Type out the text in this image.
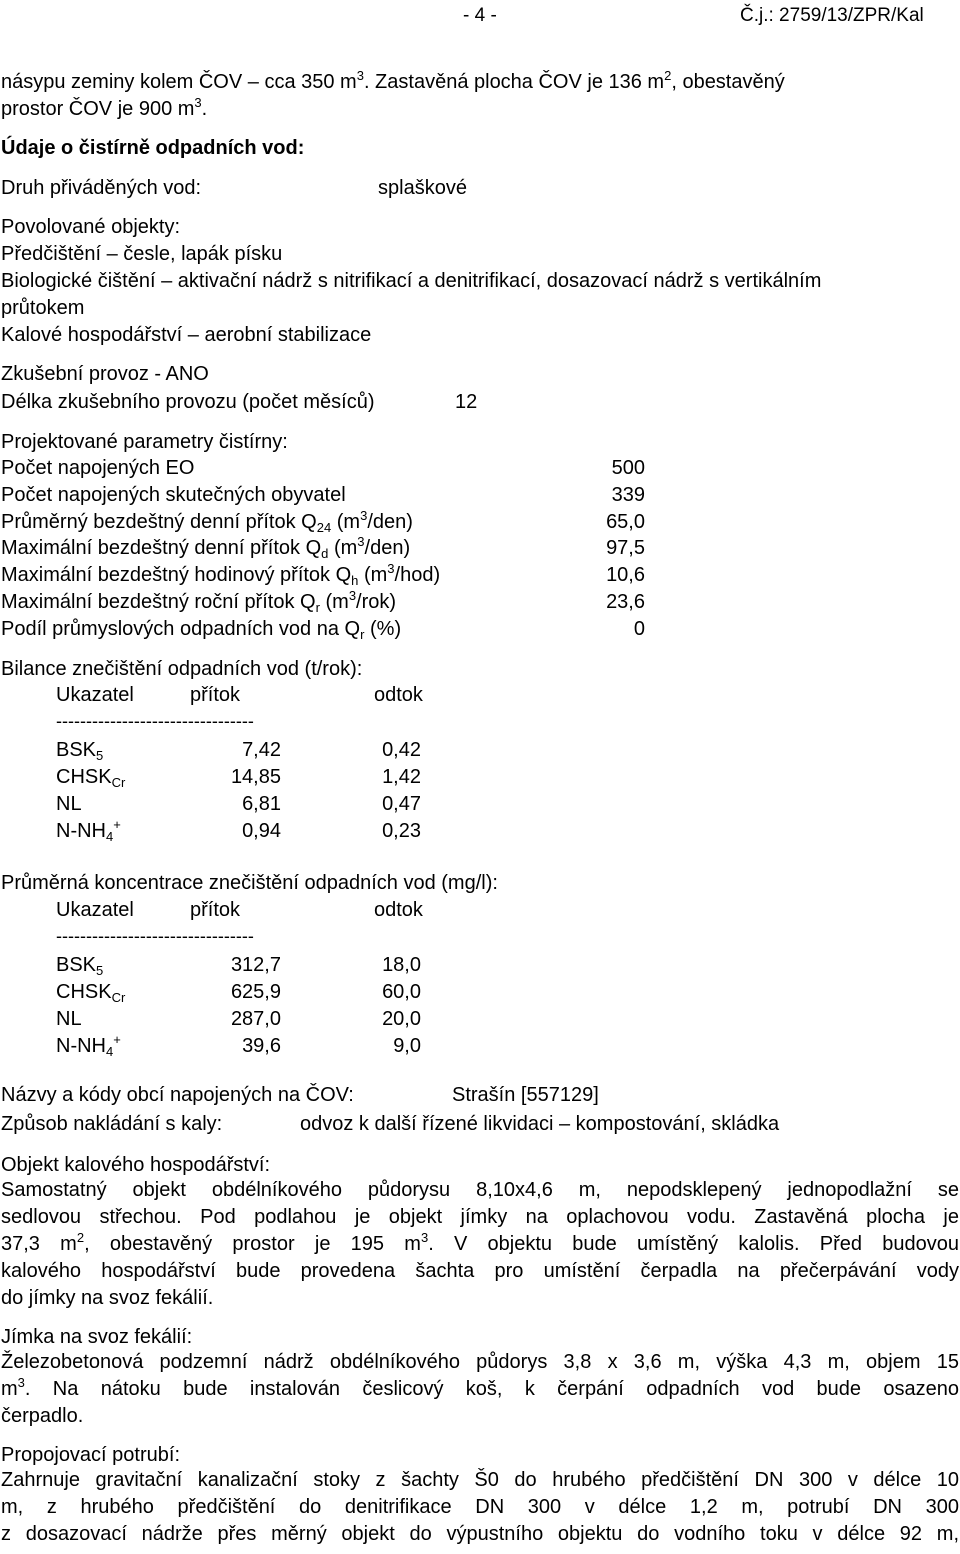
- 4 -	Č.j.: 2759/13/ZPR/Kal
násypu zeminy kolem ČOV – cca 350 $m^3$. Zastavěná plocha ČOV je 136 $m^2$, obestavěný
prostor ČOV je 900 $m^3$.
Údaje o čistírně odpadních vod:
Druh přiváděných vod:	splaškové
Povolované objekty:
Předčištění – česle, lapák písku
Biologické čištění – aktivační nádrž s nitrifikací a denitrifikací, dosazovací nádrž s vertikálním
průtokem
Kalové hospodářství – aerobní stabilizace
Zkušební provoz - ANO
Délka zkušebního provozu (počet měsíců)	12
Projektované parametry čistírny:
Počet napojených EO	500
Počet napojených skutečných obyvatel	339
Průměrný bezdeštný denní přítok $Q_{24}$ $(m^3/den)$	65,0
Maximální bezdeštný denní přítok $Q_d$ $(m^3/den)$	97,5
Maximální bezdeštný hodinový přítok $Q_h$ $(m^3/hod)$	10,6
Maximální bezdeštný roční přítok $Q_r$ $(m^3/rok)$	23,6
Podíl průmyslových odpadních vod na $Q_r$ (%)	0
Bilance znečištění odpadních vod (t/rok):
Ukazatel	přítok	odtok
---------------------------------
$BSK_5$	7,42	0,42
$CHSK_{Cr}$	14,85	1,42
NL	6,81	0,47
$N-NH_4^+$	0,94	0,23
Průměrná koncentrace znečištění odpadních vod (mg/l):
Ukazatel	přítok	odtok
---------------------------------
$BSK_5$	312,7	18,0
$CHSK_{Cr}$	625,9	60,0
NL	287,0	20,0
$N-NH_4^+$	39,6	9,0
Názvy a kódy obcí napojených na ČOV:	Strašín [557129]
Způsob nakládání s kaly:	odvoz k další řízené likvidaci – kompostování, skládka
Objekt kalového hospodářství:
Samostatný objekt obdélníkového půdorysu 8,10x4,6 m, nepodsklepený jednopodlažní se
sedlovou střechou. Pod podlahou je objekt jímky na oplachovou vodu. Zastavěná plocha je
37,3 $m^2$, obestavěný prostor je 195 $m^3$. V objektu bude umístěný kalolis. Před budovou
kalového hospodářství bude provedena šachta pro umístění čerpadla na přečerpávání vody
do jímky na svoz fekálií.
Jímka na svoz fekálií:
Železobetonová podzemní nádrž obdélníkového půdorys 3,8 x 3,6 m, výška 4,3 m, objem 15
$m^3$. Na nátoku bude instalován česlicový koš, k čerpání odpadních vod bude osazeno
čerpadlo.
Propojovací potrubí:
Zahrnuje gravitační kanalizační stoky z šachty Š0 do hrubého předčištění DN 300 v délce 10
m, z hrubého předčištění do denitrifikace DN 300 v délce 1,2 m, potrubí DN 300
z dosazovací nádrže přes měrný objekt do výpustního objektu do vodního toku v délce 92 m,
